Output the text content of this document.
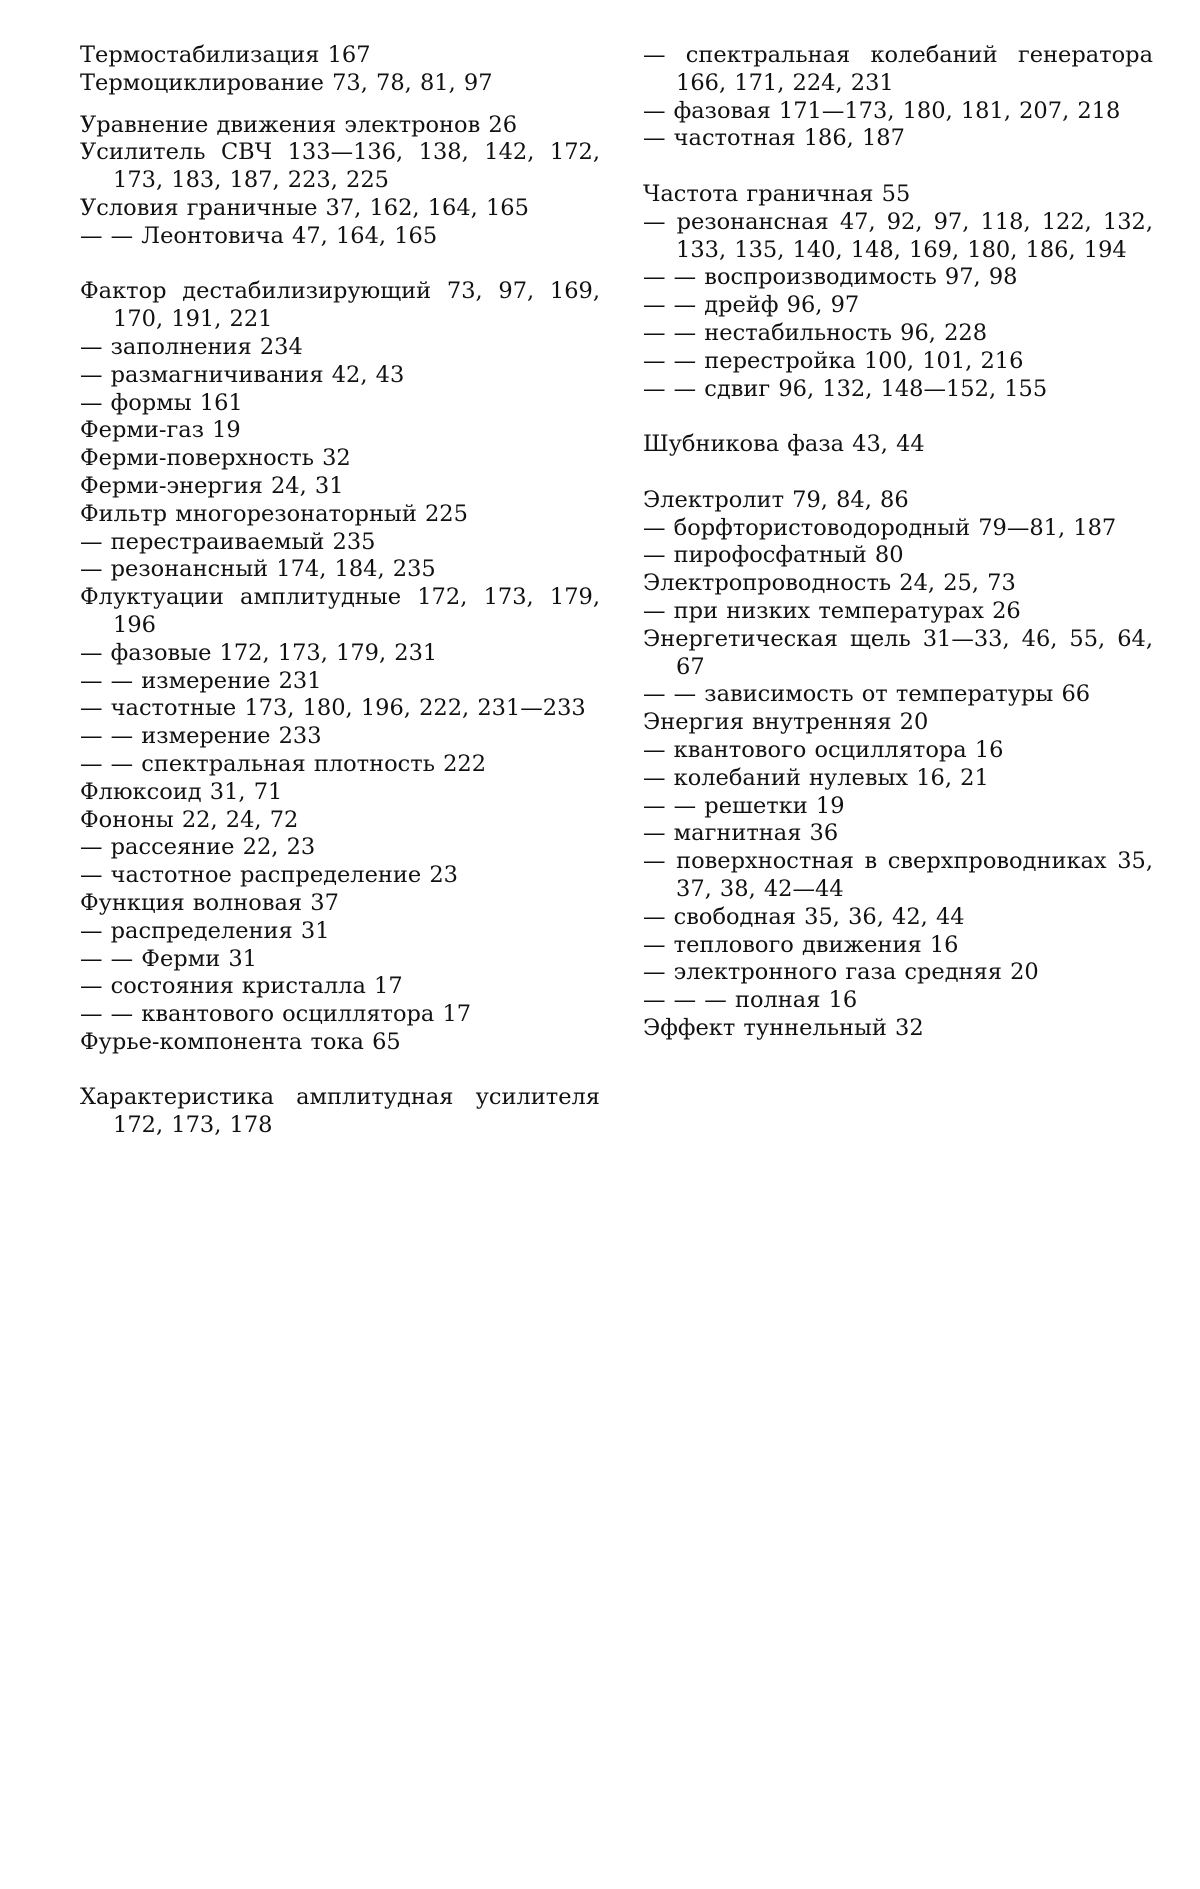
Термостабилизация 167
Термоциклирование 73, 78, 81, 97
Уравнение движения электронов 26
Усилитель СВЧ 133—136, 138, 142, 172, 173, 183, 187, 223, 225
Условия граничные 37, 162, 164, 165
— — Леонтовича 47, 164, 165
Фактор дестабилизирующий 73, 97, 169, 170, 191, 221
— заполнения 234
— размагничивания 42, 43
— формы 161
Ферми-газ 19
Ферми-поверхность 32
Ферми-энергия 24, 31
Фильтр многорезонаторный 225
— перестраиваемый 235
— резонансный 174, 184, 235
Флуктуации амплитудные 172, 173, 179, 196
— фазовые 172, 173, 179, 231
— — измерение 231
— частотные 173, 180, 196, 222, 231—233
— — измерение 233
— — спектральная плотность 222
Флюксоид 31, 71
Фононы 22, 24, 72
— рассеяние 22, 23
— частотное распределение 23
Функция волновая 37
— распределения 31
— — Ферми 31
— состояния кристалла 17
— — квантового осциллятора 17
Фурье-компонента тока 65
Характеристика амплитудная усилителя 172, 173, 178
— спектральная колебаний генератора 166, 171, 224, 231
— фазовая 171—173, 180, 181, 207, 218
— частотная 186, 187
Частота граничная 55
— резонансная 47, 92, 97, 118, 122, 132, 133, 135, 140, 148, 169, 180, 186, 194
— — воспроизводимость 97, 98
— — дрейф 96, 97
— — нестабильность 96, 228
— — перестройка 100, 101, 216
— — сдвиг 96, 132, 148—152, 155
Шубникова фаза 43, 44
Электролит 79, 84, 86
— борфтористоводородный 79—81, 187
— пирофосфатный 80
Электропроводность 24, 25, 73
— при низких температурах 26
Энергетическая щель 31—33, 46, 55, 64, 67
— — зависимость от температуры 66
Энергия внутренняя 20
— квантового осциллятора 16
— колебаний нулевых 16, 21
— — решетки 19
— магнитная 36
— поверхностная в сверхпроводниках 35, 37, 38, 42—44
— свободная 35, 36, 42, 44
— теплового движения 16
— электронного газа средняя 20
— — — полная 16
Эффект туннельный 32
